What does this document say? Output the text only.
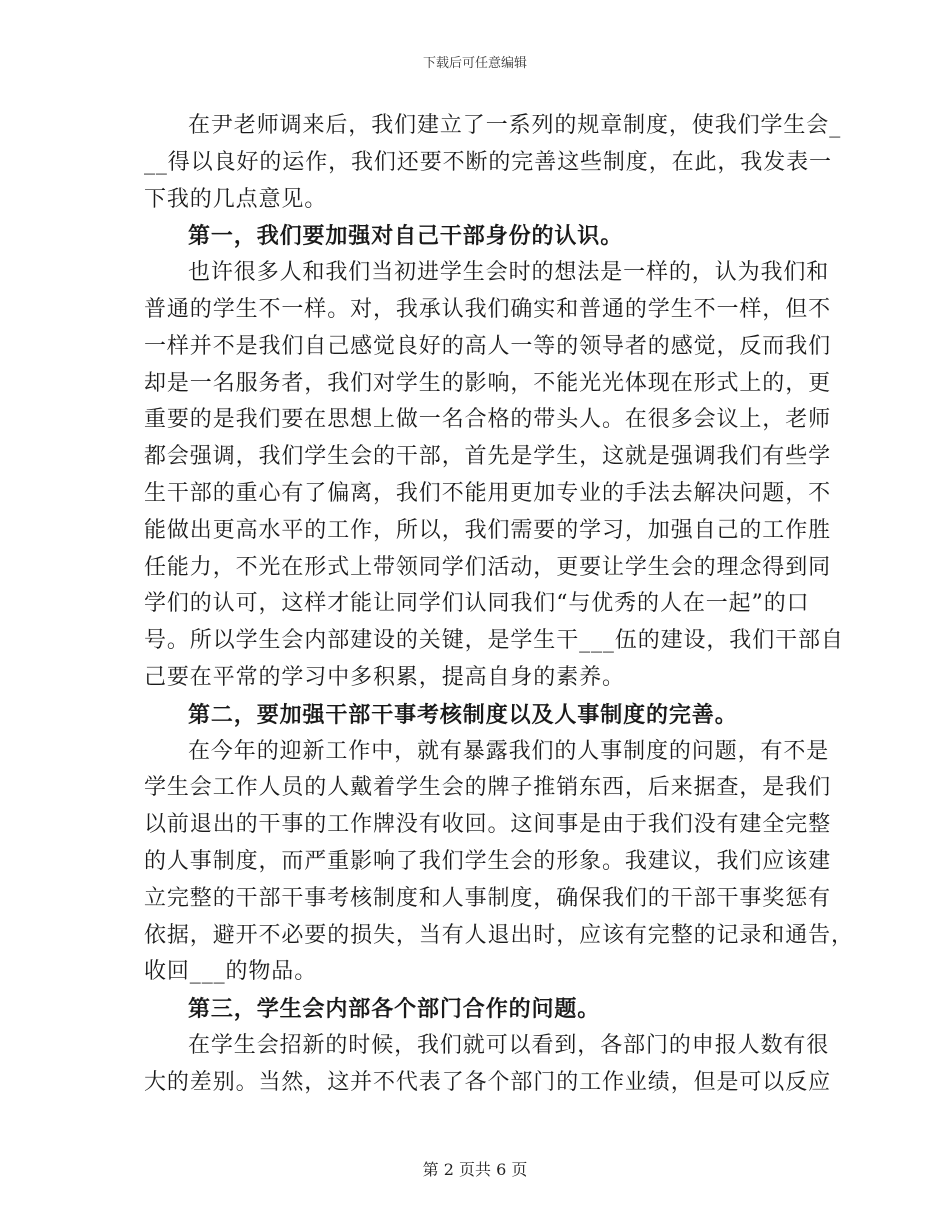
下载后可任意编辑
在尹老师调来后，我们建立了一系列的规章制度，使我们学生会_
__得以良好的运作，我们还要不断的完善这些制度，在此，我发表一
下我的几点意见。
第一，我们要加强对自己干部身份的认识。
也许很多人和我们当初进学生会时的想法是一样的，认为我们和
普通的学生不一样。对，我承认我们确实和普通的学生不一样，但不
一样并不是我们自己感觉良好的高人一等的领导者的感觉，反而我们
却是一名服务者，我们对学生的影响，不能光光体现在形式上的，更
重要的是我们要在思想上做一名合格的带头人。在很多会议上，老师
都会强调，我们学生会的干部，首先是学生，这就是强调我们有些学
生干部的重心有了偏离，我们不能用更加专业的手法去解决问题，不
能做出更高水平的工作，所以，我们需要的学习，加强自己的工作胜
任能力，不光在形式上带领同学们活动，更要让学生会的理念得到同
学们的认可，这样才能让同学们认同我们“与优秀的人在一起”的口
号。所以学生会内部建设的关键，是学生干___伍的建设，我们干部自
己要在平常的学习中多积累，提高自身的素养。
第二，要加强干部干事考核制度以及人事制度的完善。
在今年的迎新工作中，就有暴露我们的人事制度的问题，有不是
学生会工作人员的人戴着学生会的牌子推销东西，后来据查，是我们
以前退出的干事的工作牌没有收回。这间事是由于我们没有建全完整
的人事制度，而严重影响了我们学生会的形象。我建议，我们应该建
立完整的干部干事考核制度和人事制度，确保我们的干部干事奖惩有
依据，避开不必要的损失，当有人退出时，应该有完整的记录和通告，
收回___的物品。
第三，学生会内部各个部门合作的问题。
在学生会招新的时候，我们就可以看到，各部门的申报人数有很
大的差别。当然，这并不代表了各个部门的工作业绩，但是可以反应
第 2 页共 6 页
